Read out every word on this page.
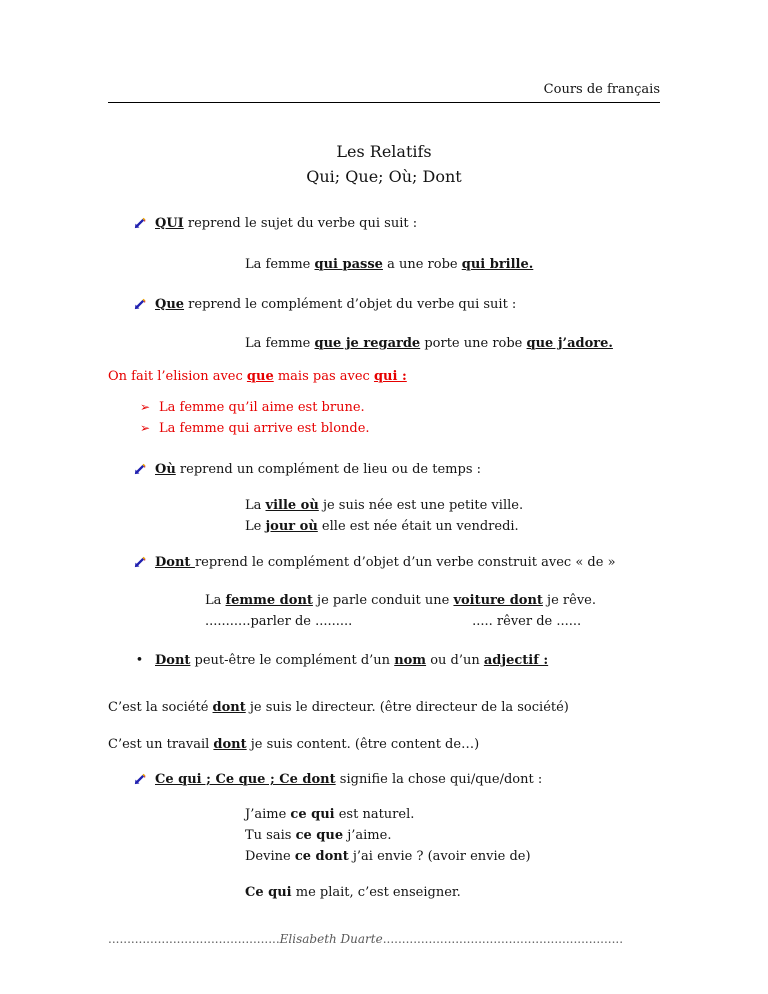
Cours de français
Les Relatifs
Qui; Que; Où; Dont
QUI reprend le sujet du verbe qui suit :
La femme qui passe a une robe qui brille.
Que reprend le complément d’objet du verbe qui suit :
La femme que je regarde porte une robe que j’adore.
On fait l’elision avec que mais pas avec qui :
➢ La femme qu’il aime est brune.
➢ La femme qui arrive est blonde.
Où reprend un complément de lieu ou de temps :
La ville où je suis née est une petite ville.
Le jour où elle est née était un vendredi.
Dont reprend le complément d’objet d’un verbe construit avec « de »
La femme dont je parle conduit une voiture dont je rêve.
...........parler de .........	..... rêver de ......
• Dont peut-être le complément d’un nom ou d’un adjectif :
C’est la société dont je suis le directeur. (être directeur de la société)
C’est un travail dont je suis content. (être content de…)
Ce qui ; Ce que ; Ce dont signifie la chose qui/que/dont :
J’aime ce qui est naturel.
Tu sais ce que j’aime.
Devine ce dont j’ai envie ? (avoir envie de)
Ce qui me plait, c’est enseigner.
.............................................Elisabeth Duarte...............................................................
